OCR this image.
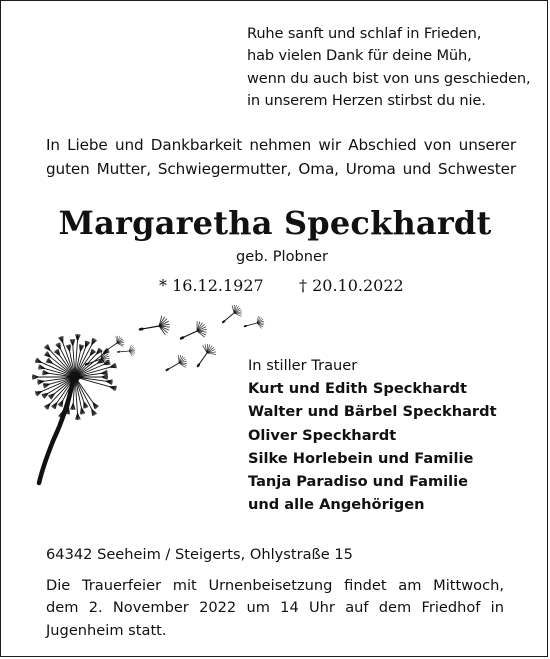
Ruhe sanft und schlaf in Frieden,
hab vielen Dank für deine Müh,
wenn du auch bist von uns geschieden,
in unserem Herzen stirbst du nie.
In Liebe und Dankbarkeit nehmen wir Abschied von unserer
guten Mutter, Schwiegermutter, Oma, Uroma und Schwester
Margaretha Speckhardt
geb. Plobner
* 16.12.1927 † 20.10.2022
In stiller Trauer
Kurt und Edith Speckhardt
Walter und Bärbel Speckhardt
Oliver Speckhardt
Silke Horlebein und Familie
Tanja Paradiso und Familie
und alle Angehörigen
64342 Seeheim / Steigerts, Ohlystraße 15
Die Trauerfeier mit Urnenbeisetzung findet am Mittwoch,
dem 2. November 2022 um 14 Uhr auf dem Friedhof in
Jugenheim statt.
